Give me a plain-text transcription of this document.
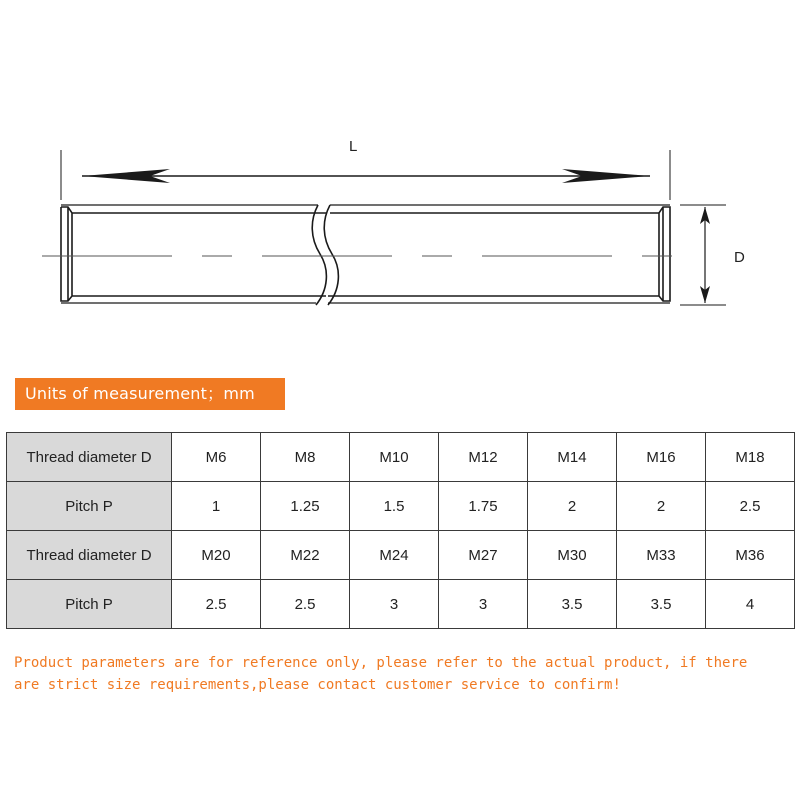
L
D
Units of measurement；mm
Thread diameter D	M6	M8	M10	M12	M14	M16	M18
Pitch P	1	1.25	1.5	1.75	2	2	2.5
Thread diameter D	M20	M22	M24	M27	M30	M33	M36
Pitch P	2.5	2.5	3	3	3.5	3.5	4
Product parameters are for reference only, please refer to the actual product, if there
are strict size requirements,please contact customer service to confirm!
